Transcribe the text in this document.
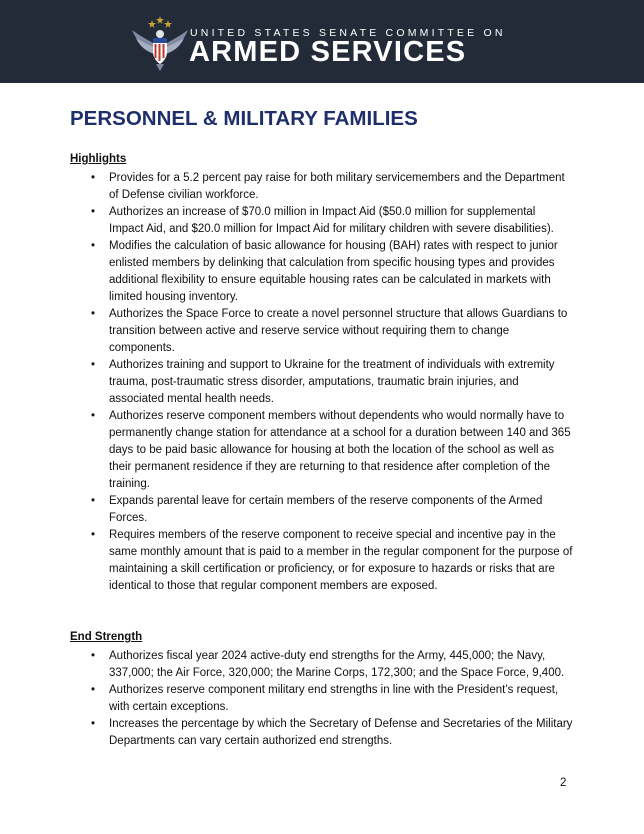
UNITED STATES SENATE COMMITTEE ON
ARMED SERVICES
PERSONNEL & MILITARY FAMILIES
Highlights
•	Provides for a 5.2 percent pay raise for both military servicemembers and the Department of Defense civilian workforce.
•	Authorizes an increase of $70.0 million in Impact Aid ($50.0 million for supplemental Impact Aid, and $20.0 million for Impact Aid for military children with severe disabilities).
•	Modifies the calculation of basic allowance for housing (BAH) rates with respect to junior enlisted members by delinking that calculation from specific housing types and provides additional flexibility to ensure equitable housing rates can be calculated in markets with limited housing inventory.
•	Authorizes the Space Force to create a novel personnel structure that allows Guardians to transition between active and reserve service without requiring them to change components.
•	Authorizes training and support to Ukraine for the treatment of individuals with extremity trauma, post-traumatic stress disorder, amputations, traumatic brain injuries, and associated mental health needs.
•	Authorizes reserve component members without dependents who would normally have to permanently change station for attendance at a school for a duration between 140 and 365 days to be paid basic allowance for housing at both the location of the school as well as their permanent residence if they are returning to that residence after completion of the training.
•	Expands parental leave for certain members of the reserve components of the Armed Forces.
•	Requires members of the reserve component to receive special and incentive pay in the same monthly amount that is paid to a member in the regular component for the purpose of maintaining a skill certification or proficiency, or for exposure to hazards or risks that are identical to those that regular component members are exposed.
End Strength
•	Authorizes fiscal year 2024 active-duty end strengths for the Army, 445,000; the Navy, 337,000; the Air Force, 320,000; the Marine Corps, 172,300; and the Space Force, 9,400.
•	Authorizes reserve component military end strengths in line with the President’s request, with certain exceptions.
•	Increases the percentage by which the Secretary of Defense and Secretaries of the Military Departments can vary certain authorized end strengths.
2
